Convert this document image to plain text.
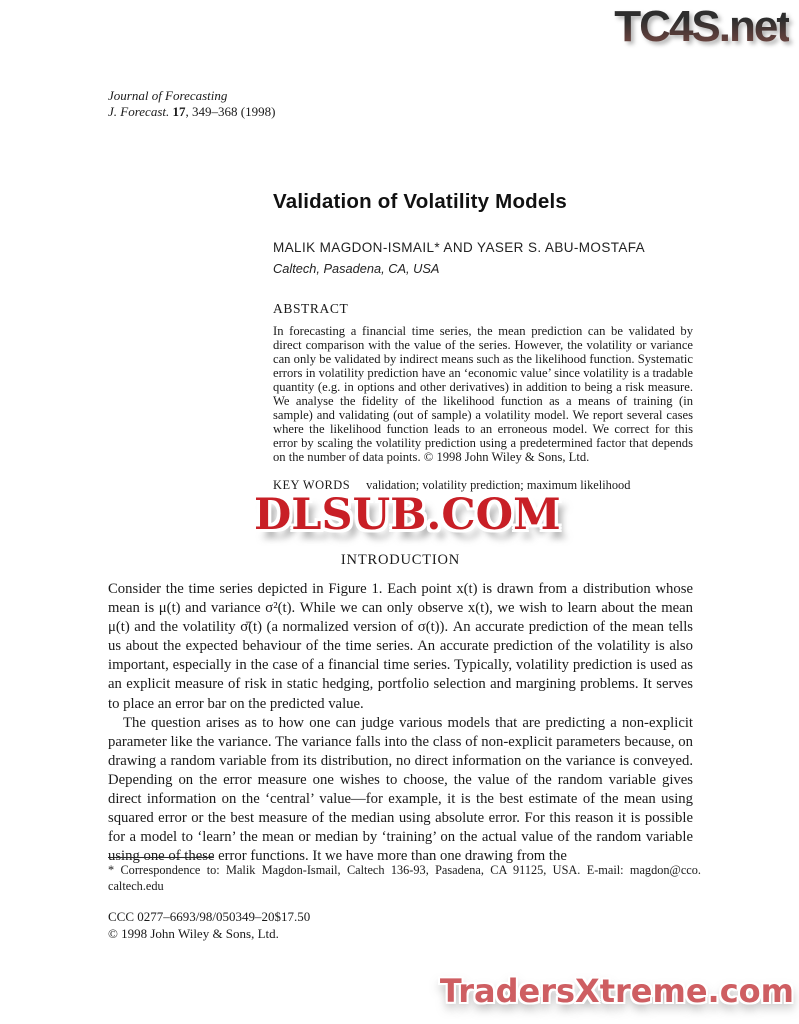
TC4S.net
DLSUB.COM
TradersXtreme.com
Journal of Forecasting
J. Forecast. 17, 349–368 (1998)
Validation of Volatility Models
MALIK MAGDON-ISMAIL* AND YASER S. ABU-MOSTAFA
Caltech, Pasadena, CA, USA
ABSTRACT

In forecasting a financial time series, the mean prediction can be validated by direct comparison with the value of the series. However, the volatility or variance can only be validated by indirect means such as the likelihood function. Systematic errors in volatility prediction have an ‘economic value’ since volatility is a tradable quantity (e.g. in options and other derivatives) in addition to being a risk measure. We analyse the fidelity of the likelihood function as a means of training (in sample) and validating (out of sample) a volatility model. We report several cases where the likelihood function leads to an erroneous model. We correct for this error by scaling the volatility prediction using a predetermined factor that depends on the number of data points. © 1998 John Wiley & Sons, Ltd.

KEY WORDS validation; volatility prediction; maximum likelihood
INTRODUCTION

Consider the time series depicted in Figure 1. Each point x(t) is drawn from a distribution whose mean is μ(t) and variance σ²(t). While we can only observe x(t), we wish to learn about the mean μ(t) and the volatility σ̄(t) (a normalized version of σ(t)). An accurate prediction of the mean tells us about the expected behaviour of the time series. An accurate prediction of the volatility is also important, especially in the case of a financial time series. Typically, volatility prediction is used as an explicit measure of risk in static hedging, portfolio selection and margining problems. It serves to place an error bar on the predicted value.

The question arises as to how one can judge various models that are predicting a non-explicit parameter like the variance. The variance falls into the class of non-explicit parameters because, on drawing a random variable from its distribution, no direct information on the variance is conveyed. Depending on the error measure one wishes to choose, the value of the random variable gives direct information on the ‘central’ value—for example, it is the best estimate of the mean using squared error or the best measure of the median using absolute error. For this reason it is possible for a model to ‘learn’ the mean or median by ‘training’ on the actual value of the random variable using one of these error functions. It we have more than one drawing from the

* Correspondence to: Malik Magdon-Ismail, Caltech 136-93, Pasadena, CA 91125, USA. E-mail: magdon@cco. caltech.edu
CCC 0277–6693/98/050349–20$17.50
© 1998 John Wiley & Sons, Ltd.
